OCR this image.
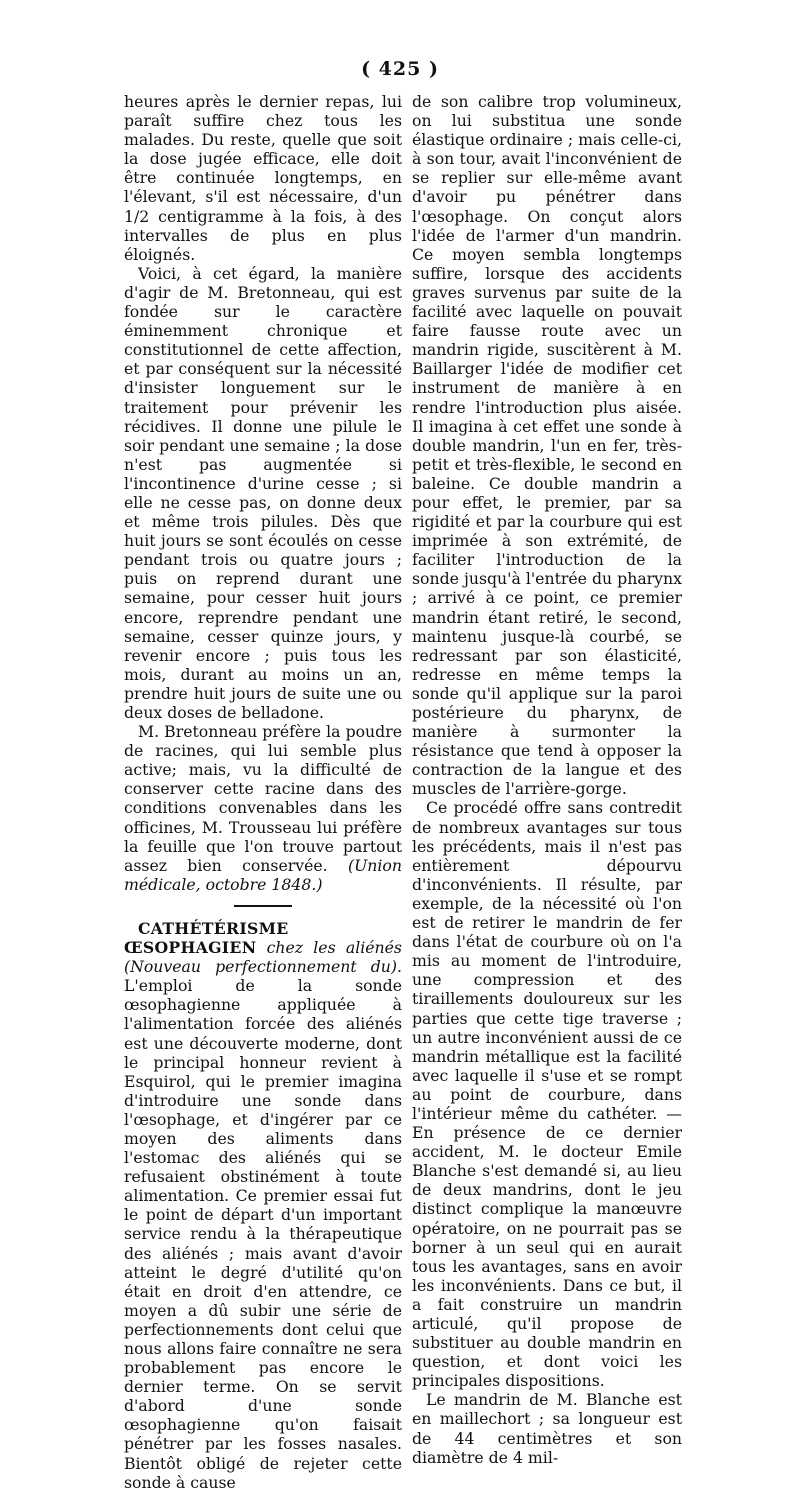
( 425 )

heures après le dernier repas, lui paraît suffire chez tous les malades. Du reste, quelle que soit la dose jugée efficace, elle doit être continuée longtemps, en l'élevant, s'il est nécessaire, d'un 1/2 centigramme à la fois, à des intervalles de plus en plus éloignés.

Voici, à cet égard, la manière d'agir de M. Bretonneau, qui est fondée sur le caractère éminemment chronique et constitutionnel de cette affection, et par conséquent sur la nécessité d'insister longuement sur le traitement pour prévenir les récidives. Il donne une pilule le soir pendant une semaine ; la dose n'est pas augmentée si l'incontinence d'urine cesse ; si elle ne cesse pas, on donne deux et même trois pilules. Dès que huit jours se sont écoulés on cesse pendant trois ou quatre jours ; puis on reprend durant une semaine, pour cesser huit jours encore, reprendre pendant une semaine, cesser quinze jours, y revenir encore ; puis tous les mois, durant au moins un an, prendre huit jours de suite une ou deux doses de belladone.

M. Bretonneau préfère la poudre de racines, qui lui semble plus active; mais, vu la difficulté de conserver cette racine dans des conditions convenables dans les officines, M. Trousseau lui préfère la feuille que l'on trouve partout assez bien conservée. (Union médicale, octobre 1848.)

CATHÉTÉRISME ŒSOPHAGIEN chez les aliénés (Nouveau perfectionnement du). L'emploi de la sonde œsophagienne appliquée à l'alimentation forcée des aliénés est une découverte moderne, dont le principal honneur revient à Esquirol, qui le premier imagina d'introduire une sonde dans l'œsophage, et d'ingérer par ce moyen des aliments dans l'estomac des aliénés qui se refusaient obstinément à toute alimentation. Ce premier essai fut le point de départ d'un important service rendu à la thérapeutique des aliénés ; mais avant d'avoir atteint le degré d'utilité qu'on était en droit d'en attendre, ce moyen a dû subir une série de perfectionnements dont celui que nous allons faire connaître ne sera probablement pas encore le dernier terme. On se servit d'abord d'une sonde œsophagienne qu'on faisait pénétrer par les fosses nasales. Bientôt obligé de rejeter cette sonde à cause

de son calibre trop volumineux, on lui substitua une sonde élastique ordinaire ; mais celle-ci, à son tour, avait l'inconvénient de se replier sur elle-même avant d'avoir pu pénétrer dans l'œsophage. On conçut alors l'idée de l'armer d'un mandrin. Ce moyen sembla longtemps suffire, lorsque des accidents graves survenus par suite de la facilité avec laquelle on pouvait faire fausse route avec un mandrin rigide, suscitèrent à M. Baillarger l'idée de modifier cet instrument de manière à en rendre l'introduction plus aisée. Il imagina à cet effet une sonde à double mandrin, l'un en fer, très-petit et très-flexible, le second en baleine. Ce double mandrin a pour effet, le premier, par sa rigidité et par la courbure qui est imprimée à son extrémité, de faciliter l'introduction de la sonde jusqu'à l'entrée du pharynx ; arrivé à ce point, ce premier mandrin étant retiré, le second, maintenu jusque-là courbé, se redressant par son élasticité, redresse en même temps la sonde qu'il applique sur la paroi postérieure du pharynx, de manière à surmonter la résistance que tend à opposer la contraction de la langue et des muscles de l'arrière-gorge.

Ce procédé offre sans contredit de nombreux avantages sur tous les précédents, mais il n'est pas entièrement dépourvu d'inconvénients. Il résulte, par exemple, de la nécessité où l'on est de retirer le mandrin de fer dans l'état de courbure où on l'a mis au moment de l'introduire, une compression et des tiraillements douloureux sur les parties que cette tige traverse ; un autre inconvénient aussi de ce mandrin métallique est la facilité avec laquelle il s'use et se rompt au point de courbure, dans l'intérieur même du cathéter. — En présence de ce dernier accident, M. le docteur Emile Blanche s'est demandé si, au lieu de deux mandrins, dont le jeu distinct complique la manœuvre opératoire, on ne pourrait pas se borner à un seul qui en aurait tous les avantages, sans en avoir les inconvénients. Dans ce but, il a fait construire un mandrin articulé, qu'il propose de substituer au double mandrin en question, et dont voici les principales dispositions.

Le mandrin de M. Blanche est en maillechort ; sa longueur est de 44 centimètres et son diamètre de 4 mil-
